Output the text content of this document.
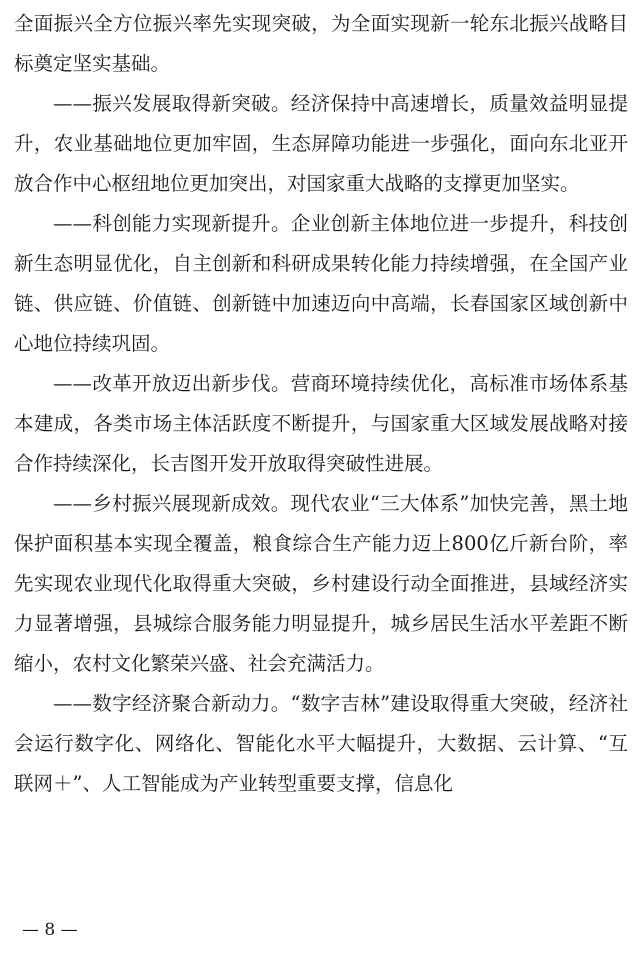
全面振兴全方位振兴率先实现突破，为全面实现新一轮东北振兴战略目标奠定坚实基础。

——振兴发展取得新突破。经济保持中高速增长，质量效益明显提升，农业基础地位更加牢固，生态屏障功能进一步强化，面向东北亚开放合作中心枢纽地位更加突出，对国家重大战略的支撑更加坚实。

——科创能力实现新提升。企业创新主体地位进一步提升，科技创新生态明显优化，自主创新和科研成果转化能力持续增强，在全国产业链、供应链、价值链、创新链中加速迈向中高端，长春国家区域创新中心地位持续巩固。

——改革开放迈出新步伐。营商环境持续优化，高标准市场体系基本建成，各类市场主体活跃度不断提升，与国家重大区域发展战略对接合作持续深化，长吉图开发开放取得突破性进展。

——乡村振兴展现新成效。现代农业“三大体系”加快完善，黑土地保护面积基本实现全覆盖，粮食综合生产能力迈上800亿斤新台阶，率先实现农业现代化取得重大突破，乡村建设行动全面推进，县域经济实力显著增强，县城综合服务能力明显提升，城乡居民生活水平差距不断缩小，农村文化繁荣兴盛、社会充满活力。

——数字经济聚合新动力。“数字吉林”建设取得重大突破，经济社会运行数字化、网络化、智能化水平大幅提升，大数据、云计算、“互联网＋”、人工智能成为产业转型重要支撑，信息化

— 8 —
